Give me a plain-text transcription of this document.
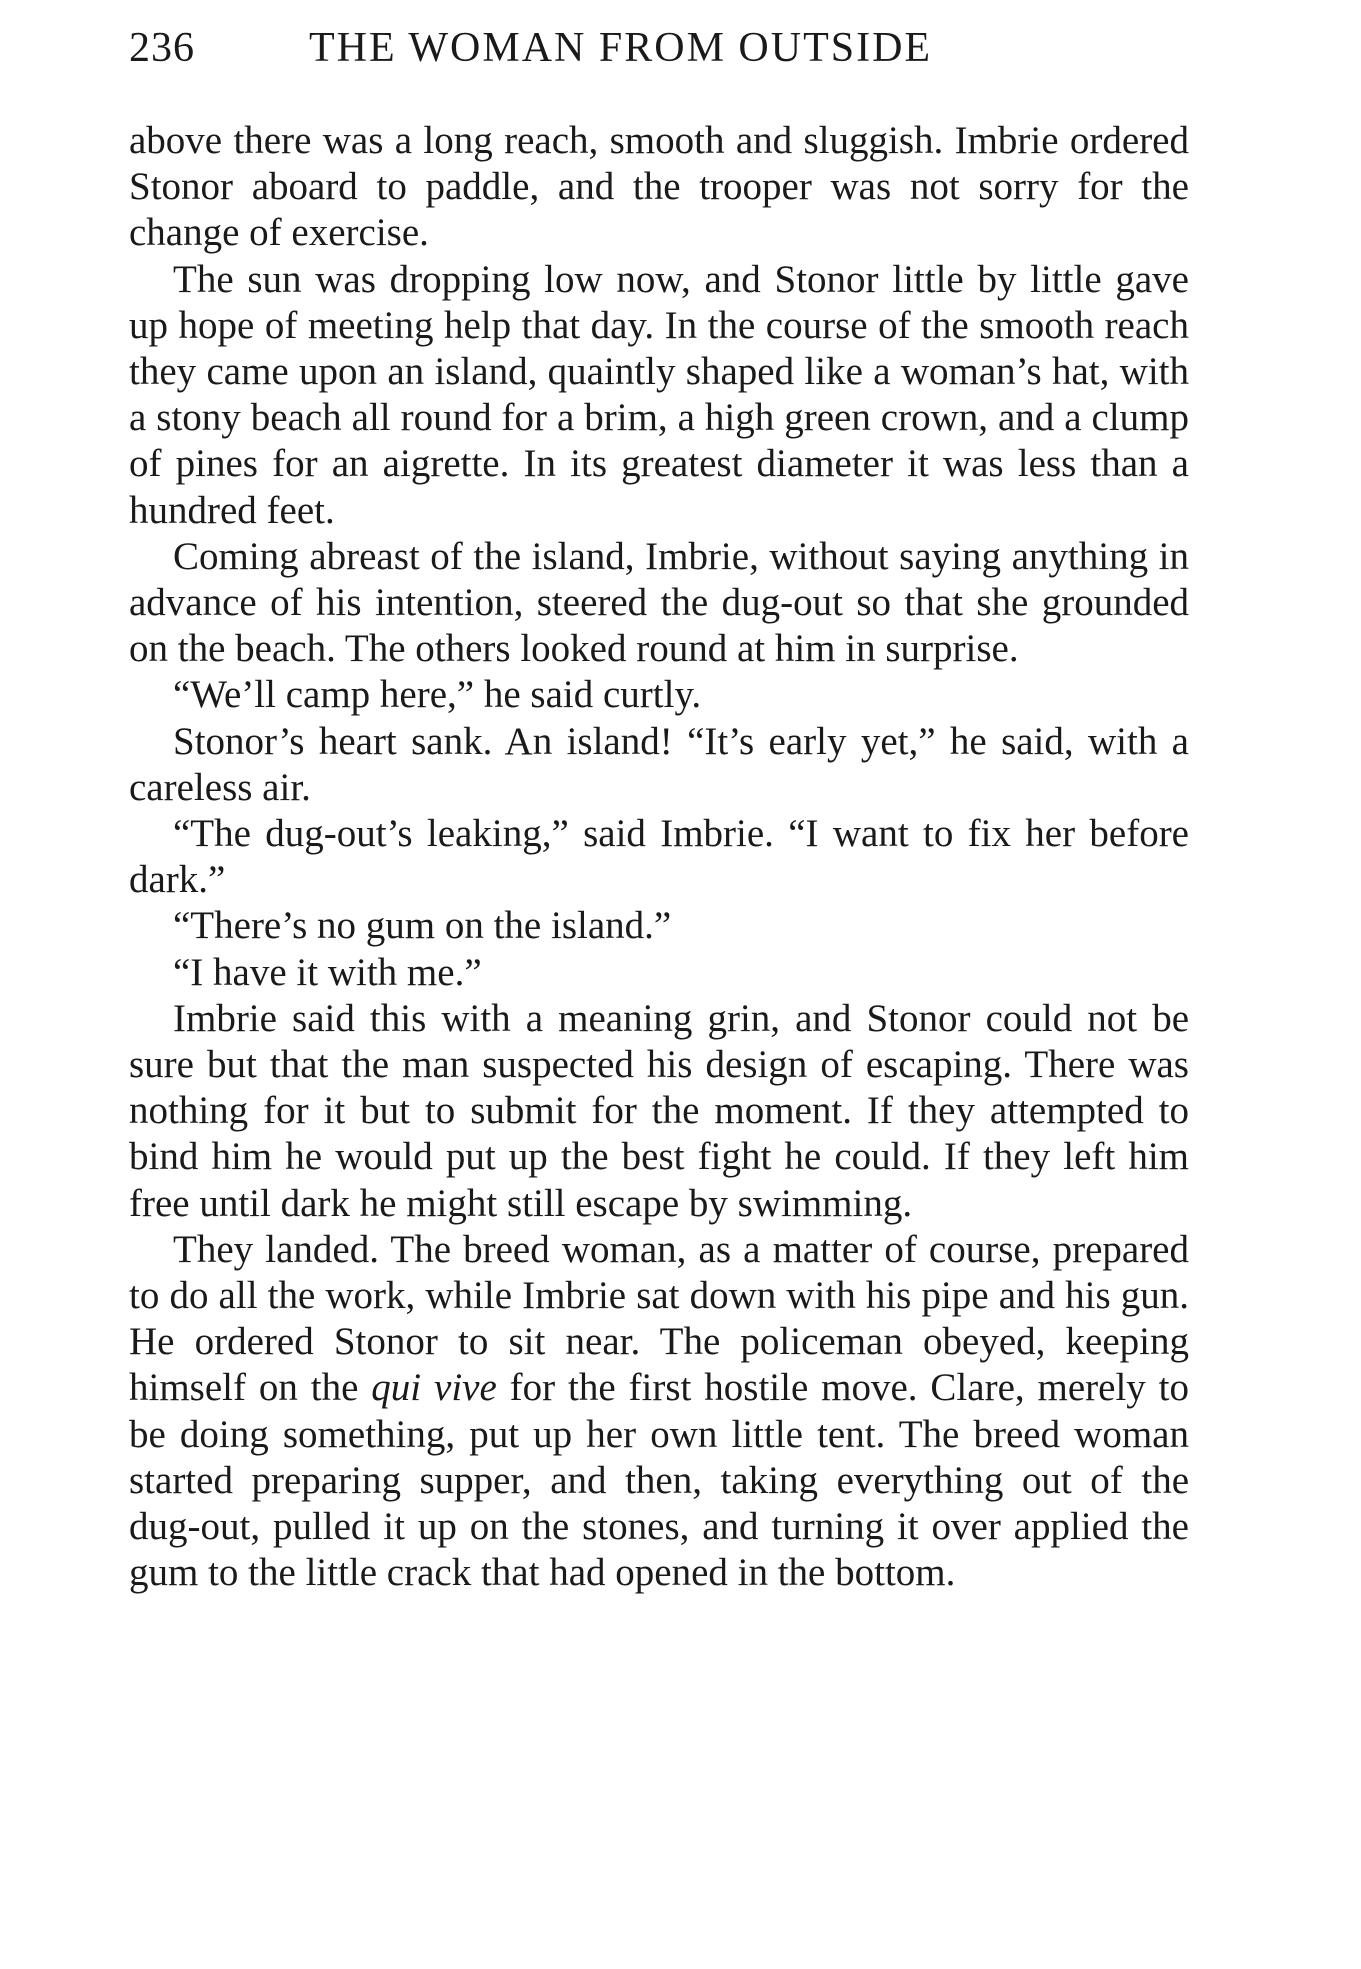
236	THE WOMAN FROM OUTSIDE

above there was a long reach, smooth and sluggish. Imbrie ordered Stonor aboard to paddle, and the trooper was not sorry for the change of exercise.

The sun was dropping low now, and Stonor little by little gave up hope of meeting help that day. In the course of the smooth reach they came upon an island, quaintly shaped like a woman’s hat, with a stony beach all round for a brim, a high green crown, and a clump of pines for an aigrette. In its greatest diameter it was less than a hundred feet.

Coming abreast of the island, Imbrie, without saying anything in advance of his intention, steered the dug-out so that she grounded on the beach. The others looked round at him in surprise.

“We’ll camp here,” he said curtly.

Stonor’s heart sank. An island! “It’s early yet,” he said, with a careless air.

“The dug-out’s leaking,” said Imbrie. “I want to fix her before dark.”

“There’s no gum on the island.”

“I have it with me.”

Imbrie said this with a meaning grin, and Stonor could not be sure but that the man suspected his design of escaping. There was nothing for it but to submit for the moment. If they attempted to bind him he would put up the best fight he could. If they left him free until dark he might still escape by swimming.

They landed. The breed woman, as a matter of course, prepared to do all the work, while Imbrie sat down with his pipe and his gun. He ordered Stonor to sit near. The policeman obeyed, keeping himself on the qui vive for the first hostile move. Clare, merely to be doing something, put up her own little tent. The breed woman started preparing supper, and then, taking everything out of the dug-out, pulled it up on the stones, and turning it over applied the gum to the little crack that had opened in the bottom.
